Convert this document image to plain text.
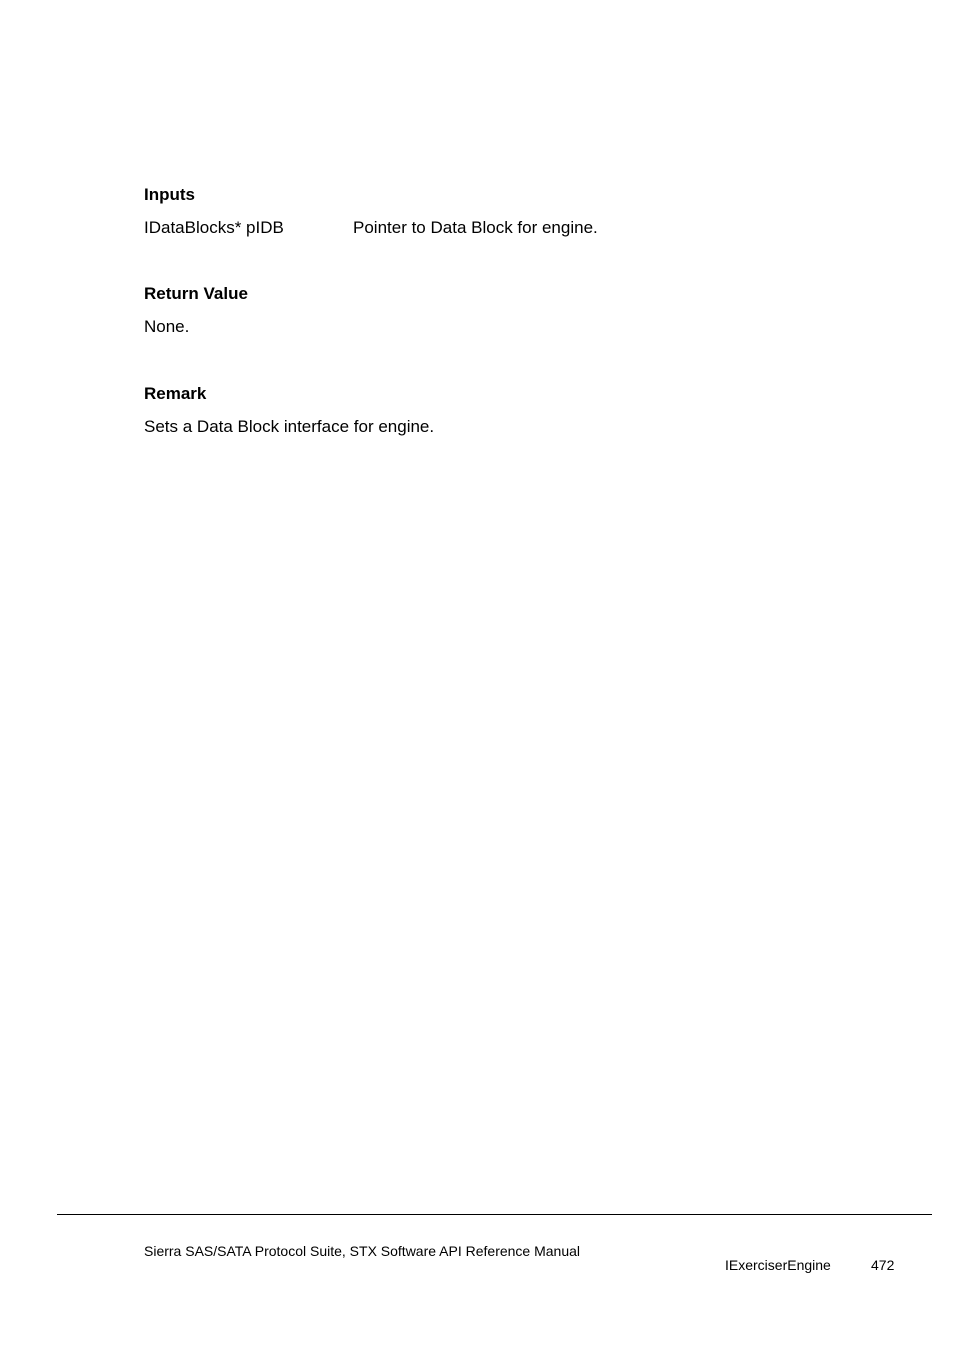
Inputs
IDataBlocks* pIDB	Pointer to Data Block for engine.
Return Value

None.

Remark

Sets a Data Block interface for engine.

Sierra SAS/SATA Protocol Suite, STX Software API Reference Manual
IExerciserEngine	472
